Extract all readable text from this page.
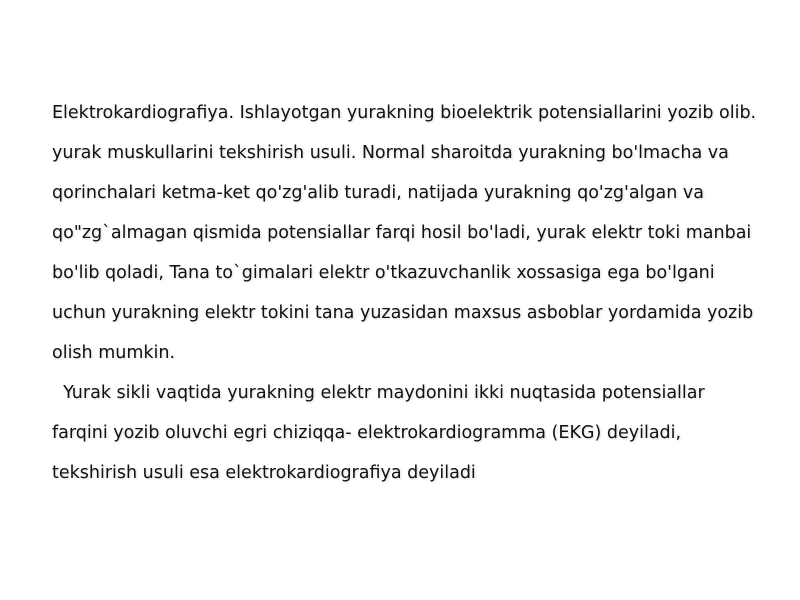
Elektrokardiografiya. Ishlayotgan yurakning bioelektrik potensiallarini yozib olib.
yurak muskullarini tekshirish usuli. Normal sharoitda yurakning bo'lmacha va
qorinchalari ketma-ket qo'zg'alib turadi, natijada yurakning qo'zg'algan va
qo"zg`almagan qismida potensiallar farqi hosil bo'ladi, yurak elektr toki manbai
bo'lib qoladi, Tana to`gimalari elektr o'tkazuvchanlik xossasiga ega bo'lgani
uchun yurakning elektr tokini tana yuzasidan maxsus asboblar yordamida yozib
olish mumkin.
Yurak sikli vaqtida yurakning elektr maydonini ikki nuqtasida potensiallar
farqini yozib oluvchi egri chiziqqa- elektrokardiogramma (EKG) deyiladi,
tekshirish usuli esa elektrokardiografiya deyiladi
